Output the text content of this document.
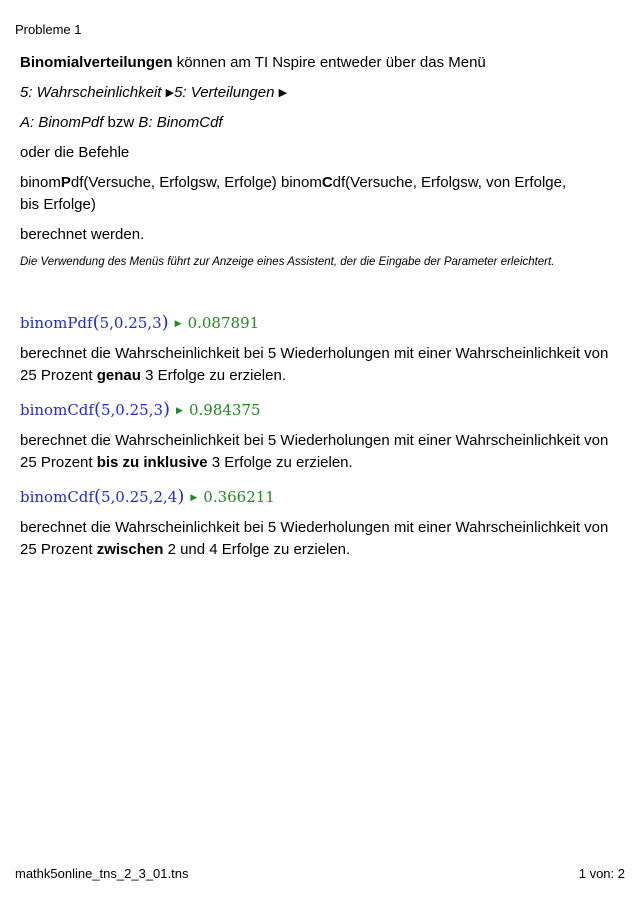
Probleme 1
Binomialverteilungen können am TI Nspire entweder über das Menü
5: Wahrscheinlichkeit ▶5: Verteilungen ▶
A: BinomPdf bzw B: BinomCdf
oder die Befehle
binomPdf(Versuche, Erfolgsw, Erfolge) binomCdf(Versuche, Erfolgsw, von Erfolge,
bis Erfolge)
berechnet werden.
Die Verwendung des Menüs führt zur Anzeige eines Assistent, der die Eingabe der Parameter erleichtert.
binomPdf(5,0.25,3) ▶ 0.087891
berechnet die Wahrscheinlichkeit bei 5 Wiederholungen mit einer Wahrscheinlichkeit von 25 Prozent genau 3 Erfolge zu erzielen.
binomCdf(5,0.25,3) ▶ 0.984375
berechnet die Wahrscheinlichkeit bei 5 Wiederholungen mit einer Wahrscheinlichkeit von 25 Prozent bis zu inklusive 3 Erfolge zu erzielen.
binomCdf(5,0.25,2,4) ▶ 0.366211
berechnet die Wahrscheinlichkeit bei 5 Wiederholungen mit einer Wahrscheinlichkeit von 25 Prozent zwischen 2 und 4 Erfolge zu erzielen.
mathk5online_tns_2_3_01.tns	1 von: 2
